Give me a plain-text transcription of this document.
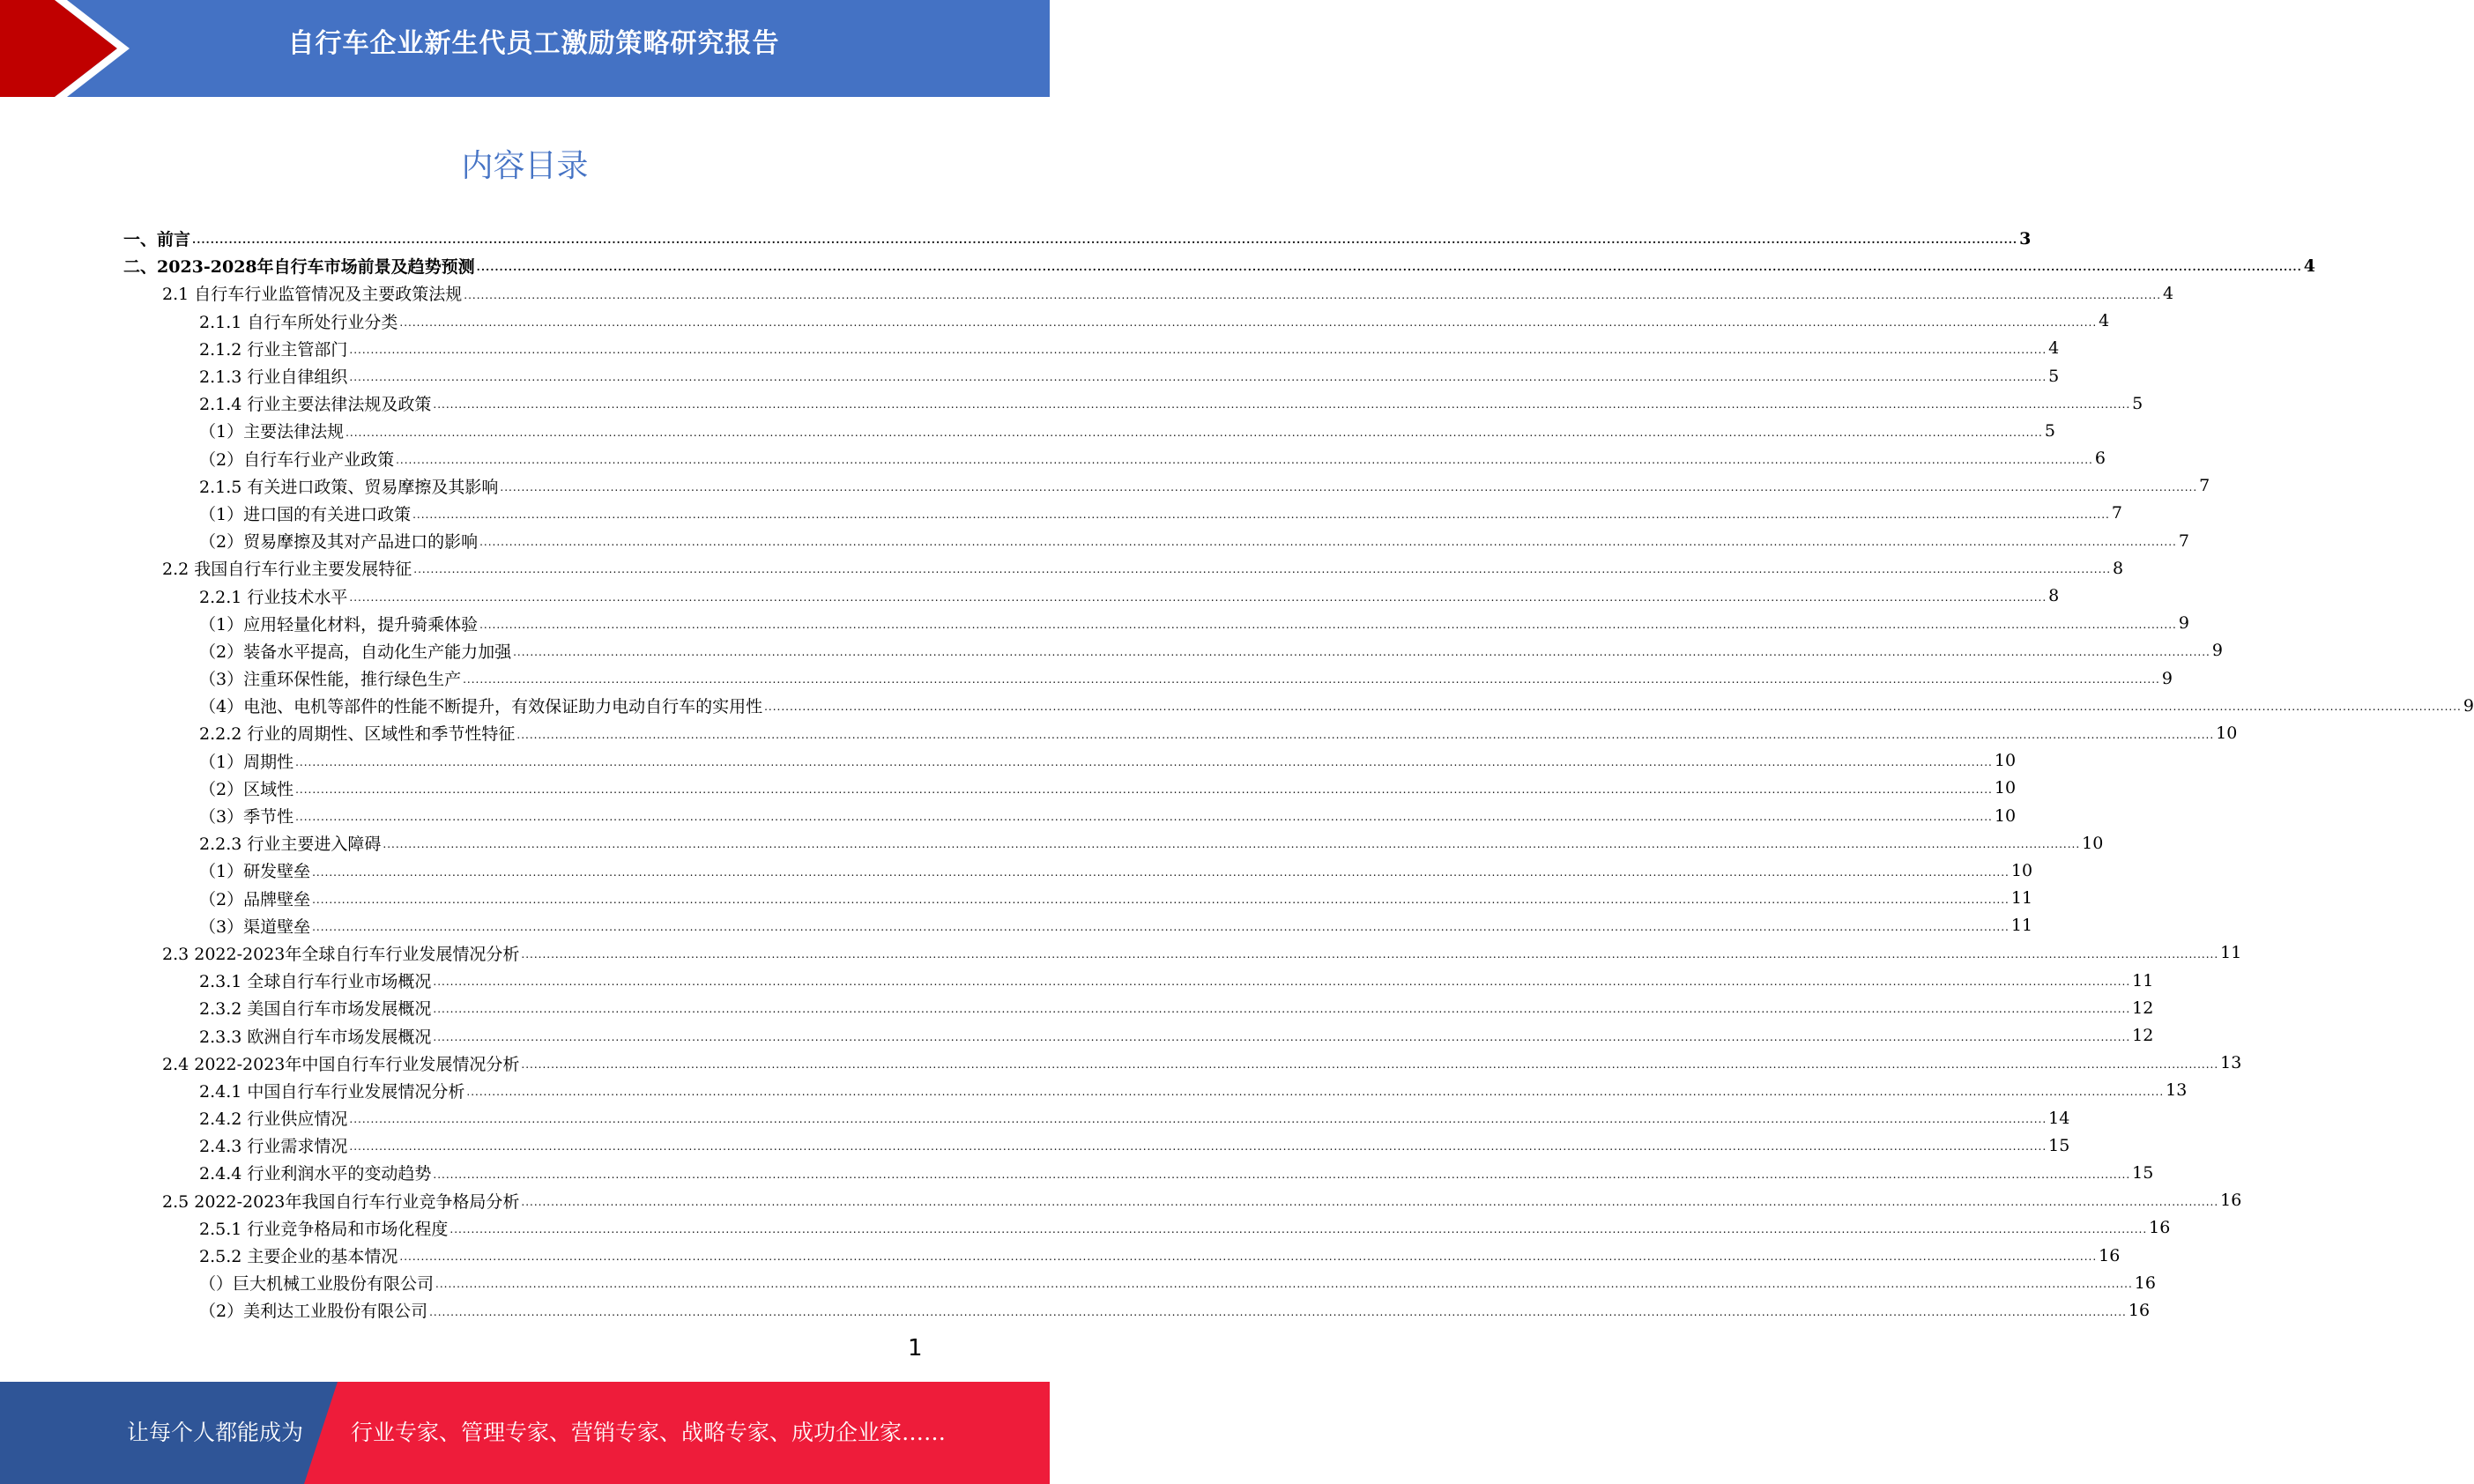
自行车企业新生代员工激励策略研究报告
内容目录
一、前言 ................................................................................................................................................................................................................................................................................................................................................................................................................ 3
二、2023-2028年自行车市场前景及趋势预测 ................................................................................................................................................................................................................................................................................................................................................................................................................ 4
2.1 自行车行业监管情况及主要政策法规 ................................................................................................................................................................................................................................................................................................................................................................................................................ 4
2.1.1 自行车所处行业分类 ................................................................................................................................................................................................................................................................................................................................................................................................................ 4
2.1.2 行业主管部门 ................................................................................................................................................................................................................................................................................................................................................................................................................ 4
2.1.3 行业自律组织 ................................................................................................................................................................................................................................................................................................................................................................................................................ 5
2.1.4 行业主要法律法规及政策 ................................................................................................................................................................................................................................................................................................................................................................................................................ 5
（1）主要法律法规 ................................................................................................................................................................................................................................................................................................................................................................................................................ 5
（2）自行车行业产业政策 ................................................................................................................................................................................................................................................................................................................................................................................................................ 6
2.1.5 有关进口政策、贸易摩擦及其影响 ................................................................................................................................................................................................................................................................................................................................................................................................................ 7
（1）进口国的有关进口政策 ................................................................................................................................................................................................................................................................................................................................................................................................................ 7
（2）贸易摩擦及其对产品进口的影响 ................................................................................................................................................................................................................................................................................................................................................................................................................ 7
2.2 我国自行车行业主要发展特征 ................................................................................................................................................................................................................................................................................................................................................................................................................ 8
2.2.1 行业技术水平 ................................................................................................................................................................................................................................................................................................................................................................................................................ 8
（1）应用轻量化材料，提升骑乘体验 ................................................................................................................................................................................................................................................................................................................................................................................................................ 9
（2）装备水平提高，自动化生产能力加强 ................................................................................................................................................................................................................................................................................................................................................................................................................ 9
（3）注重环保性能，推行绿色生产 ................................................................................................................................................................................................................................................................................................................................................................................................................ 9
（4）电池、电机等部件的性能不断提升，有效保证助力电动自行车的实用性 ................................................................................................................................................................................................................................................................................................................................................................................................................ 9
2.2.2 行业的周期性、区域性和季节性特征 ................................................................................................................................................................................................................................................................................................................................................................................................................ 10
（1）周期性 ................................................................................................................................................................................................................................................................................................................................................................................................................ 10
（2）区域性 ................................................................................................................................................................................................................................................................................................................................................................................................................ 10
（3）季节性 ................................................................................................................................................................................................................................................................................................................................................................................................................ 10
2.2.3 行业主要进入障碍 ................................................................................................................................................................................................................................................................................................................................................................................................................ 10
（1）研发壁垒 ................................................................................................................................................................................................................................................................................................................................................................................................................ 10
（2）品牌壁垒 ................................................................................................................................................................................................................................................................................................................................................................................................................ 11
（3）渠道壁垒 ................................................................................................................................................................................................................................................................................................................................................................................................................ 11
2.3 2022-2023年全球自行车行业发展情况分析 ................................................................................................................................................................................................................................................................................................................................................................................................................ 11
2.3.1 全球自行车行业市场概况 ................................................................................................................................................................................................................................................................................................................................................................................................................ 11
2.3.2 美国自行车市场发展概况 ................................................................................................................................................................................................................................................................................................................................................................................................................ 12
2.3.3 欧洲自行车市场发展概况 ................................................................................................................................................................................................................................................................................................................................................................................................................ 12
2.4 2022-2023年中国自行车行业发展情况分析 ................................................................................................................................................................................................................................................................................................................................................................................................................ 13
2.4.1 中国自行车行业发展情况分析 ................................................................................................................................................................................................................................................................................................................................................................................................................ 13
2.4.2 行业供应情况 ................................................................................................................................................................................................................................................................................................................................................................................................................ 14
2.4.3 行业需求情况 ................................................................................................................................................................................................................................................................................................................................................................................................................ 15
2.4.4 行业利润水平的变动趋势 ................................................................................................................................................................................................................................................................................................................................................................................................................ 15
2.5 2022-2023年我国自行车行业竞争格局分析 ................................................................................................................................................................................................................................................................................................................................................................................................................ 16
2.5.1 行业竞争格局和市场化程度 ................................................................................................................................................................................................................................................................................................................................................................................................................ 16
2.5.2 主要企业的基本情况 ................................................................................................................................................................................................................................................................................................................................................................................................................ 16
（）巨大机械工业股份有限公司 ................................................................................................................................................................................................................................................................................................................................................................................................................ 16
（2）美利达工业股份有限公司 ................................................................................................................................................................................................................................................................................................................................................................................................................ 16
1
让每个人都能成为 行业专家、管理专家、营销专家、战略专家、成功企业家……
